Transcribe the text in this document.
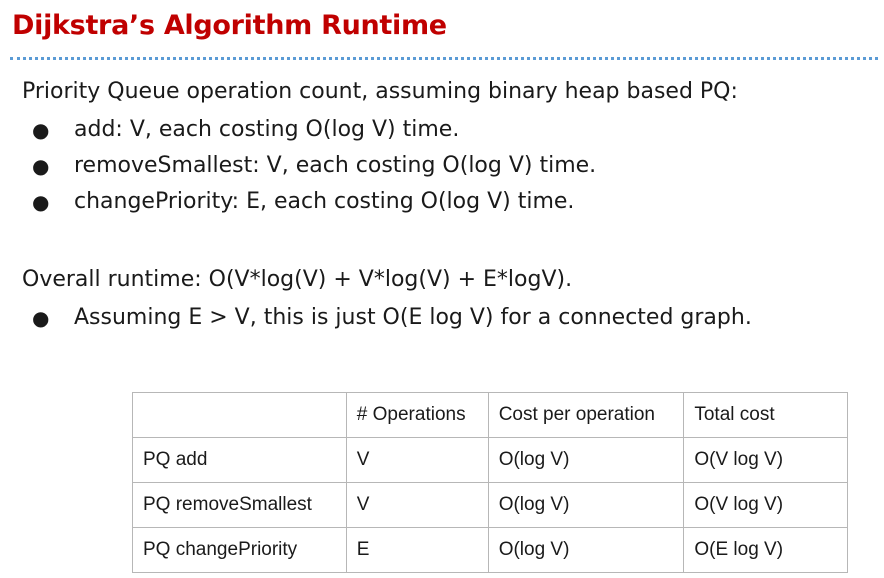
Dijkstra’s Algorithm Runtime

Priority Queue operation count, assuming binary heap based PQ:

● add: V, each costing O(log V) time.
● removeSmallest: V, each costing O(log V) time.
● changePriority: E, each costing O(log V) time.

Overall runtime: O(V*log(V) + V*log(V) + E*logV).

● Assuming E > V, this is just O(E log V) for a connected graph.
	# Operations	Cost per operation	Total cost
PQ add	V	O(log V)	O(V log V)
PQ removeSmallest	V	O(log V)	O(V log V)
PQ changePriority	E	O(log V)	O(E log V)
